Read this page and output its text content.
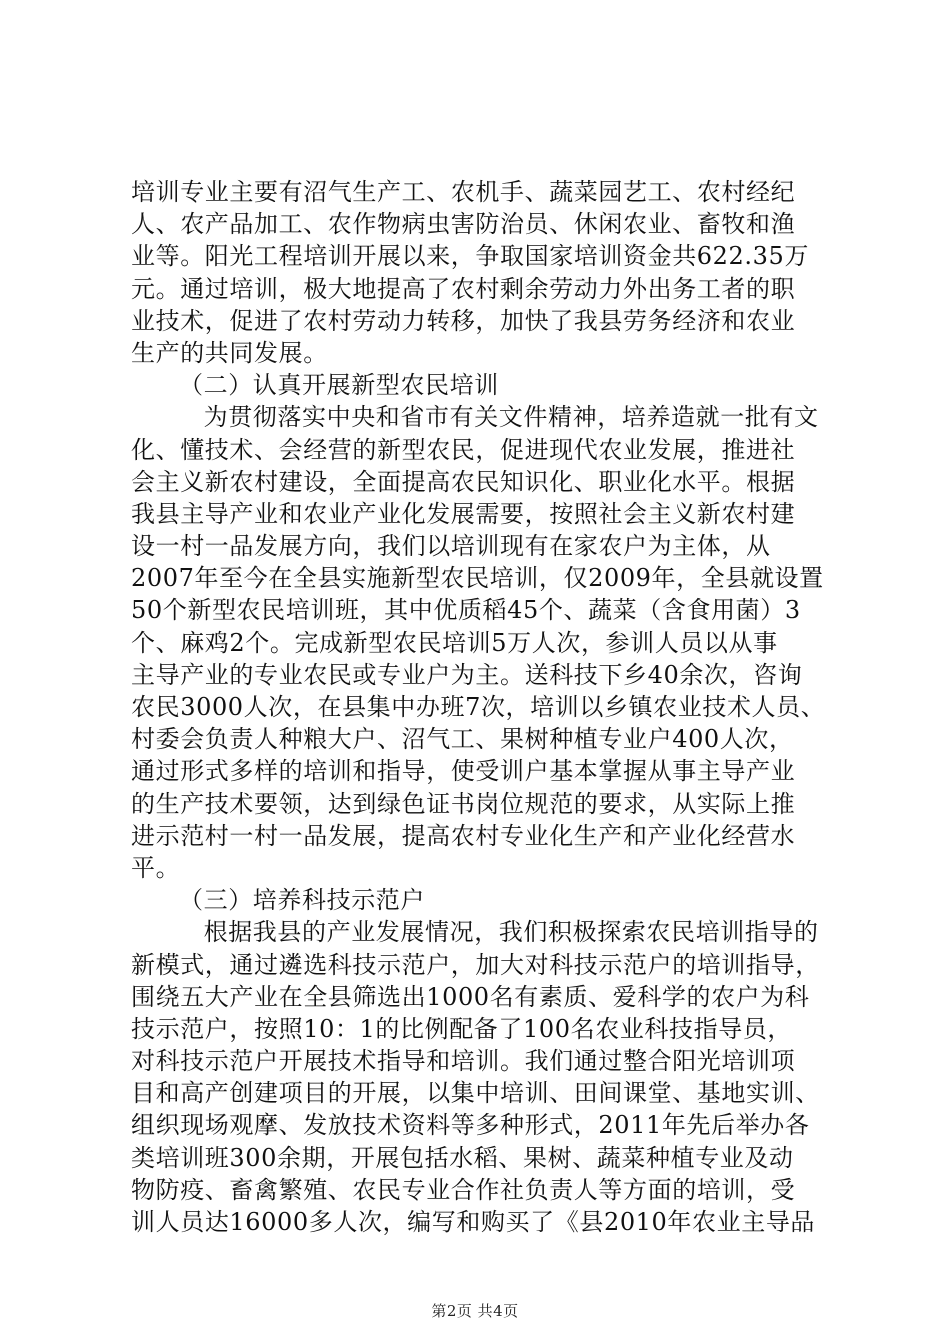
培训专业主要有沼气生产工、农机手、蔬菜园艺工、农村经纪
人、农产品加工、农作物病虫害防治员、休闲农业、畜牧和渔
业等。阳光工程培训开展以来，争取国家培训资金共622.35万
元。通过培训，极大地提高了农村剩余劳动力外出务工者的职
业技术，促进了农村劳动力转移，加快了我县劳务经济和农业
生产的共同发展。
（二）认真开展新型农民培训
　为贯彻落实中央和省市有关文件精神，培养造就一批有文
化、懂技术、会经营的新型农民，促进现代农业发展，推进社
会主义新农村建设，全面提高农民知识化、职业化水平。根据
我县主导产业和农业产业化发展需要，按照社会主义新农村建
设一村一品发展方向，我们以培训现有在家农户为主体，从
2007年至今在全县实施新型农民培训，仅2009年，全县就设置
50个新型农民培训班，其中优质稻45个、蔬菜（含食用菌）3
个、麻鸡2个。完成新型农民培训5万人次，参训人员以从事
主导产业的专业农民或专业户为主。送科技下乡40余次，咨询
农民3000人次，在县集中办班7次，培训以乡镇农业技术人员、
村委会负责人种粮大户、沼气工、果树种植专业户400人次，
通过形式多样的培训和指导，使受训户基本掌握从事主导产业
的生产技术要领，达到绿色证书岗位规范的要求，从实际上推
进示范村一村一品发展，提高农村专业化生产和产业化经营水
平。
（三）培养科技示范户
　根据我县的产业发展情况，我们积极探索农民培训指导的
新模式，通过遴选科技示范户，加大对科技示范户的培训指导，
围绕五大产业在全县筛选出1000名有素质、爱科学的农户为科
技示范户，按照10：1的比例配备了100名农业科技指导员，
对科技示范户开展技术指导和培训。我们通过整合阳光培训项
目和高产创建项目的开展，以集中培训、田间课堂、基地实训、
组织现场观摩、发放技术资料等多种形式，2011年先后举办各
类培训班300余期，开展包括水稻、果树、蔬菜种植专业及动
物防疫、畜禽繁殖、农民专业合作社负责人等方面的培训，受
训人员达16000多人次，编写和购买了《县2010年农业主导品
第2页 共4页
